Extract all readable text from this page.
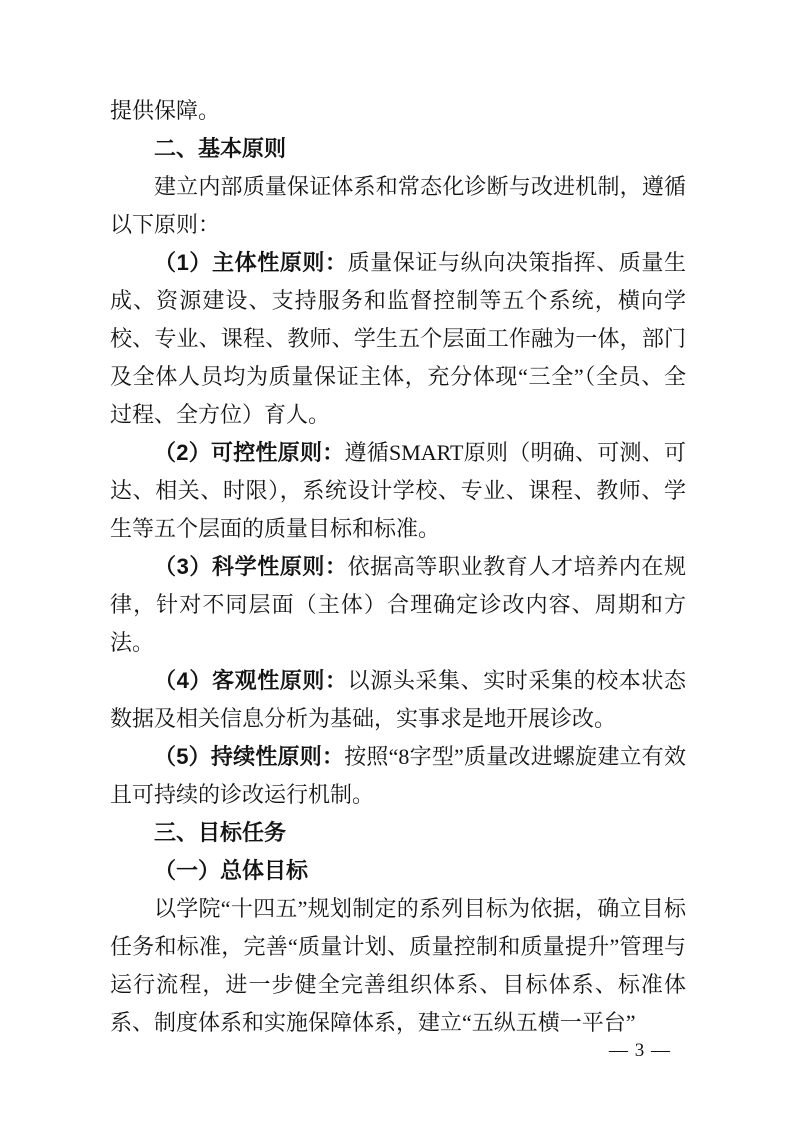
提供保障。

二、基本原则

建立内部质量保证体系和常态化诊断与改进机制，遵循以下原则：

（1）主体性原则：质量保证与纵向决策指挥、质量生成、资源建设、支持服务和监督控制等五个系统，横向学校、专业、课程、教师、学生五个层面工作融为一体，部门及全体人员均为质量保证主体，充分体现“三全”（全员、全过程、全方位）育人。

（2）可控性原则：遵循SMART原则（明确、可测、可达、相关、时限），系统设计学校、专业、课程、教师、学生等五个层面的质量目标和标准。

（3）科学性原则：依据高等职业教育人才培养内在规律，针对不同层面（主体）合理确定诊改内容、周期和方法。

（4）客观性原则：以源头采集、实时采集的校本状态数据及相关信息分析为基础，实事求是地开展诊改。

（5）持续性原则：按照“8字型”质量改进螺旋建立有效且可持续的诊改运行机制。

三、目标任务
（一）总体目标

以学院“十四五”规划制定的系列目标为依据，确立目标任务和标准，完善“质量计划、质量控制和质量提升”管理与运行流程，进一步健全完善组织体系、目标体系、标准体系、制度体系和实施保障体系，建立“五纵五横一平台”

— 3 —
